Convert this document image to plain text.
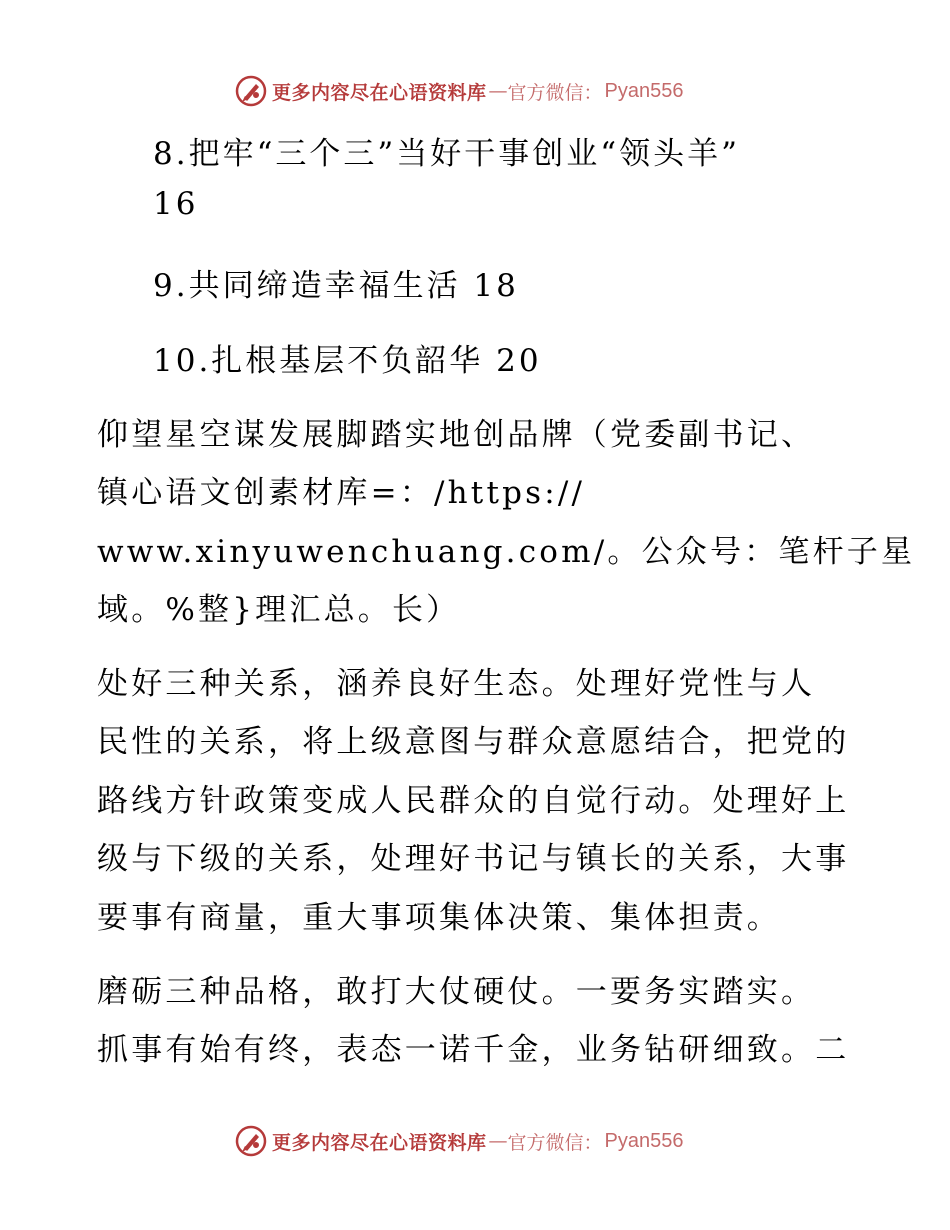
更多内容尽在心语资料库 — 官方微信： Pyan556
8.把牢“三个三”当好干事创业“领头羊”
16
9.共同缔造幸福生活 18
10.扎根基层不负韶华 20
仰望星空谋发展脚踏实地创品牌（党委副书记、
镇心语文创素材库=：/https://
www.xinyuwenchuang.com/。公众号：笔杆子星
域。%整}理汇总。长）
处好三种关系，涵养良好生态。处理好党性与人
民性的关系，将上级意图与群众意愿结合，把党的
路线方针政策变成人民群众的自觉行动。处理好上
级与下级的关系，处理好书记与镇长的关系，大事
要事有商量，重大事项集体决策、集体担责。
磨砺三种品格，敢打大仗硬仗。一要务实踏实。
抓事有始有终，表态一诺千金，业务钻研细致。二
更多内容尽在心语资料库 — 官方微信： Pyan556
